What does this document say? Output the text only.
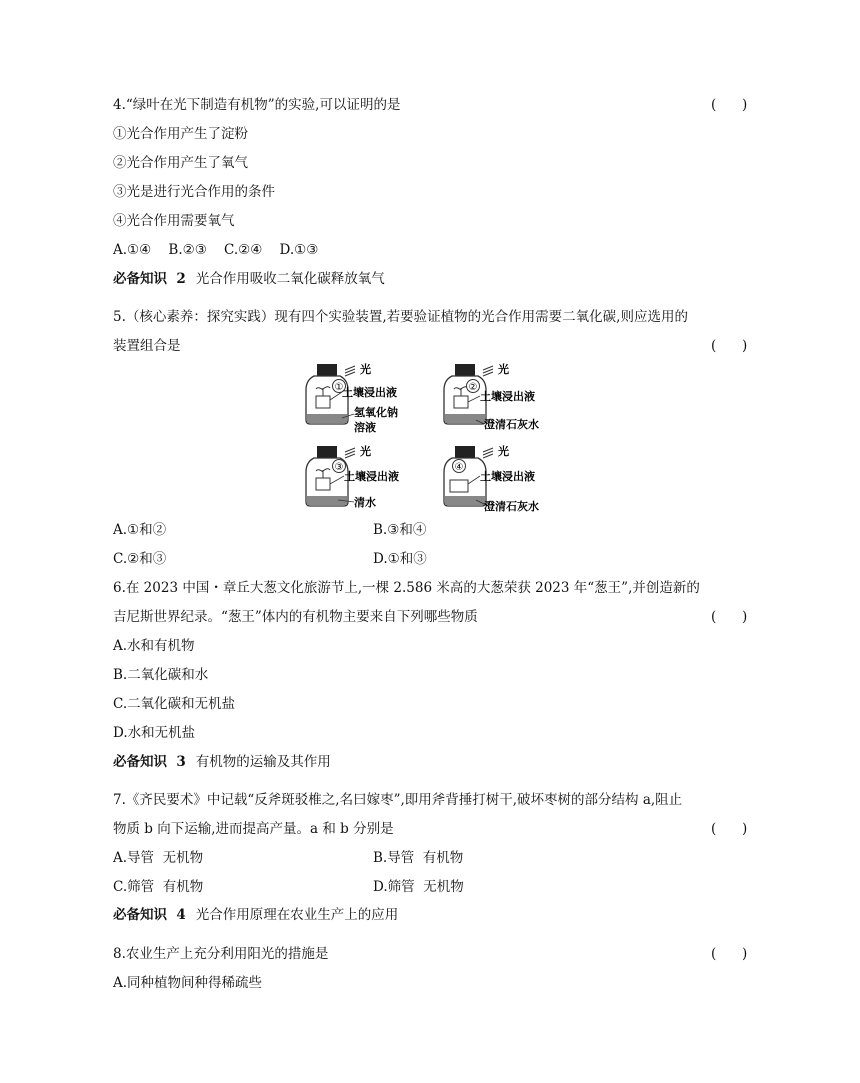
4.“绿叶在光下制造有机物”的实验,可以证明的是	(      )
①光合作用产生了淀粉
②光合作用产生了氧气
③光是进行光合作用的条件
④光合作用需要氧气
A.①④    B.②③    C.②④    D.①③
必备知识  2 光合作用吸收二氧化碳释放氧气
5.（核心素养：探究实践）现有四个实验装置,若要验证植物的光合作用需要二氧化碳,则应选用的
装置组合是	(      )
①
光
土壤浸出液
氢氧化钠
溶液
②
光
土壤浸出液
澄清石灰水
③
光
土壤浸出液
清水
④
光
土壤浸出液
澄清石灰水
A.①和②	B.③和④
C.②和③	D.①和③
6.在 2023 中国・章丘大葱文化旅游节上,一棵 2.586 米高的大葱荣获 2023 年“葱王”,并创造新的
吉尼斯世界纪录。“葱王”体内的有机物主要来自下列哪些物质	(      )
A.水和有机物
B.二氧化碳和水
C.二氧化碳和无机盐
D.水和无机盐
必备知识  3 有机物的运输及其作用
7.《齐民要术》中记载“反斧斑驳椎之,名曰嫁枣”,即用斧背捶打树干,破坏枣树的部分结构 a,阻止
物质 b 向下运输,进而提高产量。a 和 b 分别是	(      )
A.导管  无机物	B.导管  有机物
C.筛管  有机物	D.筛管  无机物
必备知识  4 光合作用原理在农业生产上的应用
8.农业生产上充分利用阳光的措施是	(      )
A.同种植物间种得稀疏些
